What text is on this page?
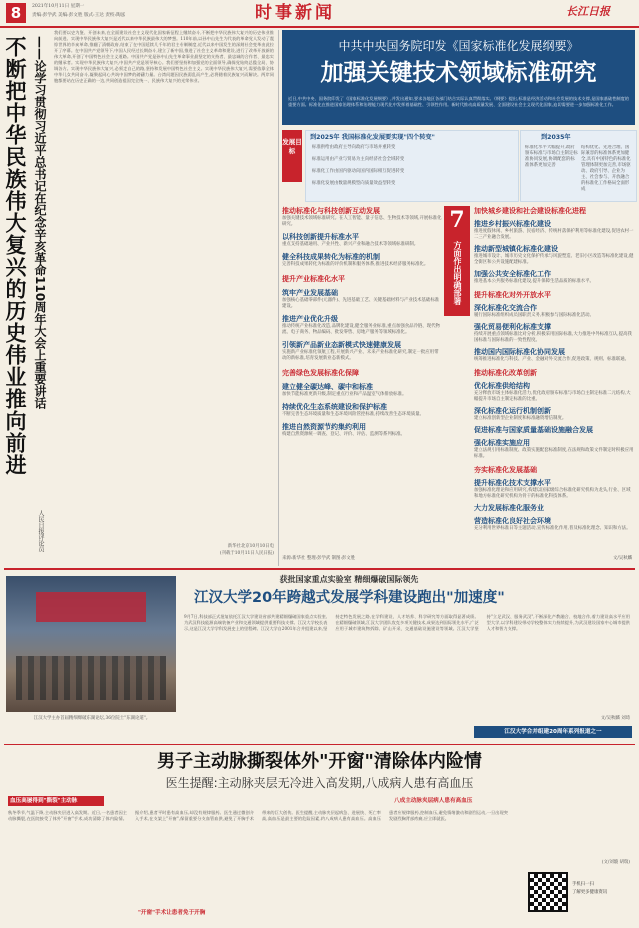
8	2021年10月11日 星期一
责编:彭学武 美编:彭文胜 版式:王达 责校:陶泓	时事新闻	长江日报
不断把中华民族伟大复兴的历史伟业推向前进 ——论学习贯彻习近平总书记在纪念辛亥革命110周年大会上重要讲话
人民日报评论员
我们要以史为鉴、开创未来,在全面建设社会主义现代化国家新征程上继续奋斗,不断把中华民族伟大复兴的历史伟业推向前进。实现中华民族伟大复兴是近代以来中华民族最伟大的梦想。110年前,以孙中山先生为代表的革命党人发动了震惊世界的辛亥革命,推翻了清朝政府,结束了在中国延续几千年的君主专制制度,近代以来中国发生的深刻社会变革由此拉开了序幕。在中国共产党领导下,中国人民经过长期奋斗,建立了新中国,推进了社会主义革命和建设,进行了改革开放新的伟大革命,开创了中国特色社会主义道路。中国共产党是孙中山先生革命事业最坚定的支持者、最忠诚的合作者、最忠实的继承者。实现中华民族伟大复兴,中国共产党是领导核心。我们要坚持和加强党的全面领导,确保党始终总揽全局、协调各方。实现中华民族伟大复兴,必须走自己的路,坚持和发展中国特色社会主义。实现中华民族伟大复兴,需要依靠全体中华儿女共同奋斗,凝聚起同心共筑中国梦的磅礴力量。台湾问题因民族弱乱而产生,必将随着民族复兴而解决。两岸同胞都要站在历史正确的一边,共同创造祖国完全统一、民族伟大复兴的光荣伟业。
新华社北京10月10日电
(刊载于10月11日人民日报)
中共中央国务院印发《国家标准化发展纲要》
加强关键技术领域标准研究
近日,中共中央、国务院印发了《国家标准化发展纲要》,并发出通知,要求各地区各部门结合实际认真贯彻落实。《纲要》提出,标准是经济活动和社会发展的技术支撑,是国家基础性制度的重要方面。标准化在推进国家治理体系和治理能力现代化中发挥着基础性、引领性作用。新时代推动高质量发展、全面建设社会主义现代化国家,迫切需要进一步加强标准化工作。
发展目标
到2025年 我国标准化发展要实现"四个转变"
标准供给由政府主导向政府与市场并重转变
标准运用由产业与贸易为主向经济社会全域转变
标准化工作由国内驱动向国内国际相互促进转变
标准化发展由数量规模型向质量效益型转变
到2035年
标准化水平大幅提升,政府颁布标准与市场自主制定标准协同发展,协调配套的标准体系更加完善
结构优化、先进合理、国际兼容的标准体系更加健全,具有中国特色的标准化管理体制更加完善,市场驱动、政府引导、企业为主、社会参与、开放融合的标准化工作格局全面形成
推动标准化与科技创新互动发展
加强关键技术领域标准研究。在人工智能、量子信息、生物技术等领域,开展标准化研究。
以科技创新提升标准水平
重点支持基础通用、产业共性、新兴产业和融合技术等领域标准研制。
健全科技成果转化为标准的机制
完善科技成果转化为标准的评价机制和服务体系,推进技术经济服务标准化。
提升产业标准化水平
筑牢产业发展基础
加强核心基础零部件(元器件)、先进基础工艺、关键基础材料与产业技术基础标准建设。
推进产业优化升级
推动传统产业标准化改造,品牌化建设,健全服务业标准,重点加强食品冷链、现代物流、电子商务、物品编码、批发零售、房地产服务等领域标准化。
引领新产品新业态新模式快速健康发展
实施新产业标准化领航工程,开展新兴产业、未来产业标准化研究,制定一批应用带动的新标准,培育发展新业态新模式。
完善绿色发展标准化保障
建立健全碳达峰、碳中和标准
加快节能标准更新升级,制定重点行业和产品温室气体排放标准。
持续优化生态系统建设和保护标准
不断完善生态环境质量和生态环境风险管控标准,持续改善生态环境质量。
推进自然资源节约集约利用
构建自然资源统一调查、登记、评价、评估、监测等系列标准。
7
方面作出明确部署
加快城乡建设和社会建设标准化进程
推进乡村振兴标准化建设
推进度假休闲、乡村旅游、民宿经济、传统村落保护利用等标准化建设,促进农村一二三产业融合发展。
推动新型城镇化标准化建设
推进城市设计、城市历史文化保护传承与风貌塑造、老旧小区改造等标准化建设,健全街区和公共设施配建标准。
加强公共安全标准化工作
推进基本公共服务标准化建设,提升保障生活品质的标准水平。
提升标准化对外开放水平
深化标准化交流合作
履行国际标准组织成员国职责义务,积极参与国际标准化活动。
强化贸易便利化标准支撑
持续开展重点领域标准比对分析,积极采用国际标准,大力推进中外标准互认,提高我国标准与国际标准的一致性程度。
推动国内国际标准化协同发展
统筹推进标准化与科技、产业、金融对外交流合作,促进政策、规则、标准联通。
推动标准化改革创新
优化标准供给结构
充分释放市场主体标准化活力,优化政府颁布标准与市场自主制定标准二元结构,大幅提升市场自主制定标准的比重。
深化标准化运行机制创新
建立标准创新型企业制度和标准融资增信制度。
促进标准与国家质量基础设施融合发展
强化标准实施应用
建立法规引用标准制度、政策实施配套标准制度,在法规和政策文件制定时积极应用标准。
夯实标准化发展基础
提升标准化技术支撑水平
加强标准化理论和应用研究,构建以国家级综合标准化研究机构为龙头,行业、区域和地方标准化研究机构为骨干的标准化科技体系。
大力发展标准化服务业
营造标准化良好社会环境
充分利用世界标准日等主题活动,宣传标准化作用,普及标准化理念、知识和方法。
来源:新华社 整理:彭学武 制图:彭文胜	文/吴秋麟
获批国家重点实验室 精细爆破国际领先
江汉大学20年跨越式发展学科建设跑出"加速度"
江汉大学主办首届精细爆破东湖论坛,36位院士"东湖论道"。
9月7日,科技部正式批复依托江汉大学建设省部共建精细爆破国家重点实验室,为武汉科技能源高端装备产业和交通领域提供重要科技支撑。江汉大学校长表示,这是江汉大学学科发展史上的里程碑。江汉大学自2001年合并组建以来,坚持走特色发展之路,在学科建设、人才培养、科学研究等方面取得显著成绩。在精细爆破领域,江汉大学团队攻克多项关键技术,成果达到国际领先水平,广泛应用于城市建筑物拆除、矿山开采、交通基础设施建设等领域。江汉大学坚持"立足武汉、服务武汉",不断深化产教融合、校地合作,着力建设高水平应用型大学,以学科建设带动学校整体实力持续提升,为武汉建设国家中心城市提供人才和智力支撑。
文/吴秋麟 刘琦
江汉大学合并组建20周年系列报道之一
男子主动脉撕裂体外"开窗"清除体内险情
医生提醒:主动脉夹层无冷进入高发期,八成病人患有高血压
血压高屡得到"撕裂"主动脉
秋冬季节,气温下降,主动脉夹层进入高发期。近日,一名患者因主动脉撕裂,在医院接受了体外"开窗"手术,成功清除了体内险情。据介绍,患者平时患有高血压,却没有规律服药。医生通过微创介入手术,在支架上"开窗",保留重要分支血管血供,避免了开胸手术带来的巨大创伤。医生提醒,主动脉夹层起病急、进展快、死亡率高,高血压是最主要的危险因素,约八成病人患有高血压。高血压患者应规律服药,控制血压,避免情绪激动和剧烈运动,一旦出现突发剧烈胸背部疼痛,应立即就医。
"开窗"手术让患者免于开胸
八成主动脉夹层病人患有高血压
(文/刘璇 胡瑞)
手机扫一扫
了解更多健康资讯
